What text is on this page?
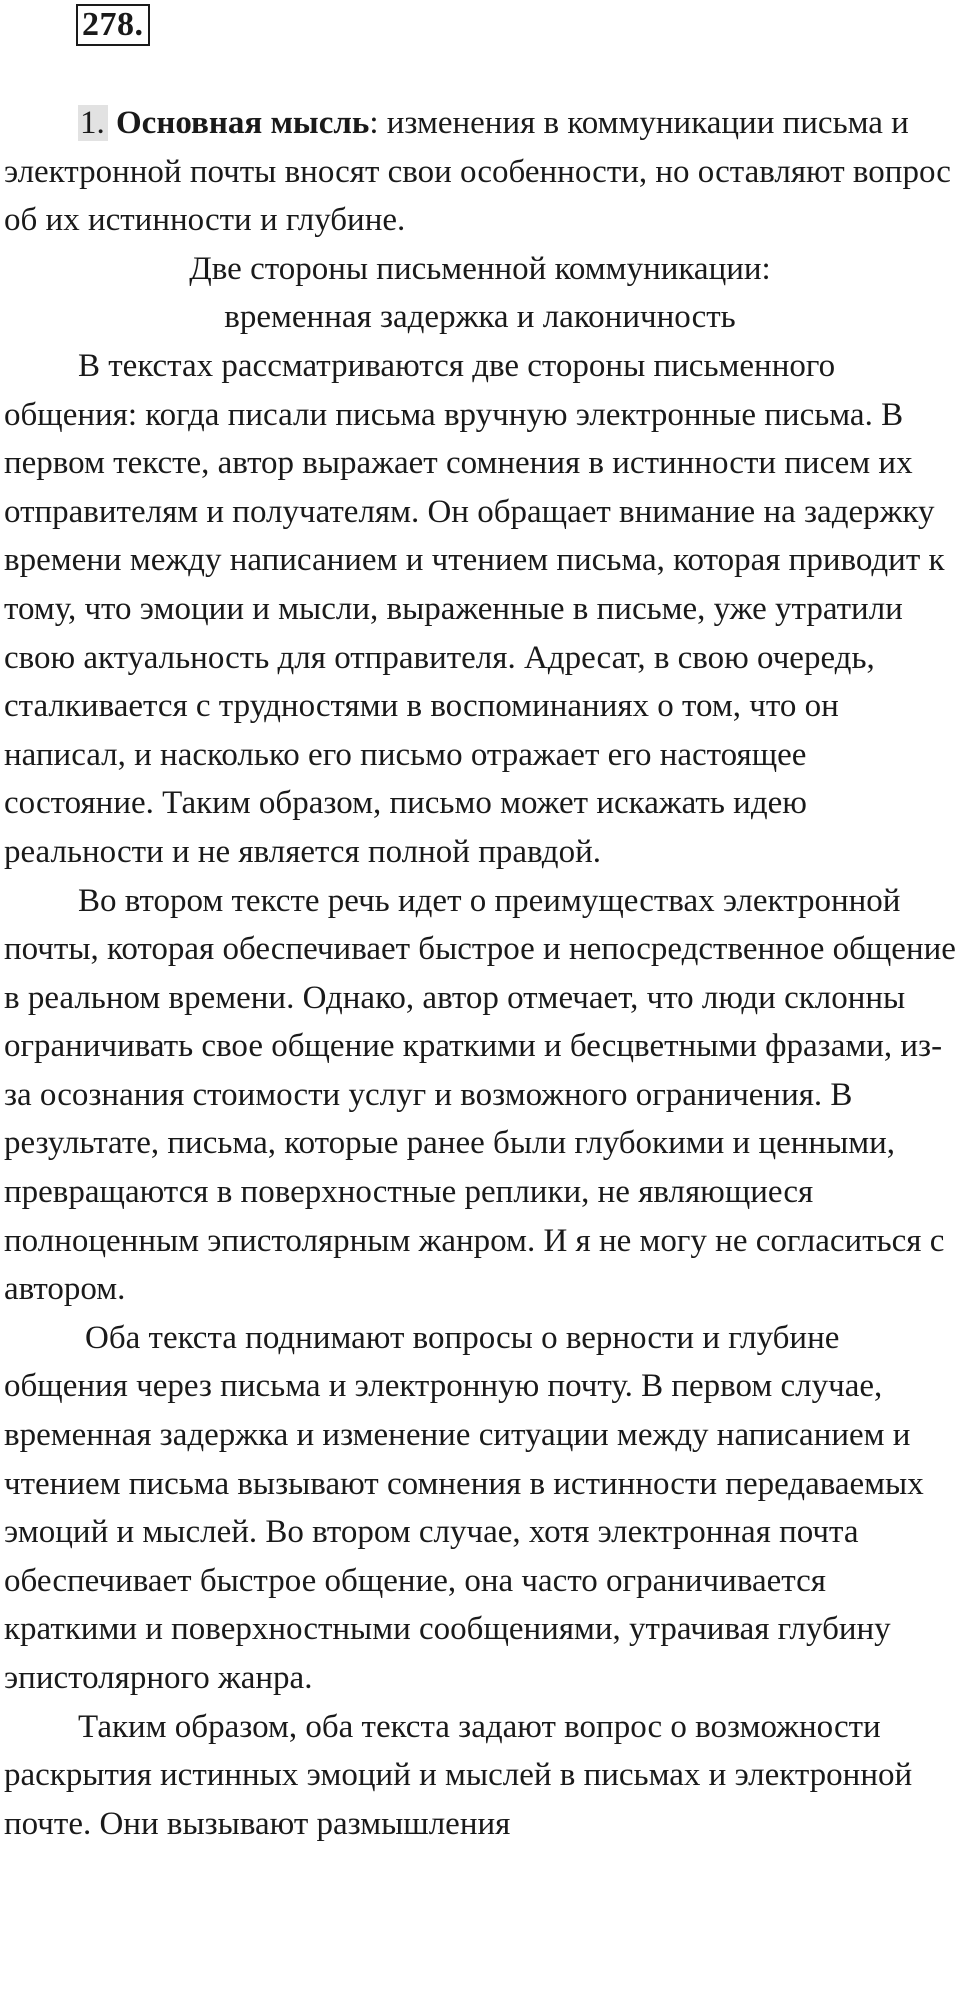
278.

1. Основная мысль: изменения в коммуникации письма и электронной почты вносят свои особенности, но оставляют вопрос об их истинности и глубине.

Две стороны письменной коммуникации:

временная задержка и лаконичность

В текстах рассматриваются две стороны письменного общения: когда писали письма вручную электронные письма. В первом тексте, автор выражает сомнения в истинности писем их отправителям и получателям. Он обращает внимание на задержку времени между написанием и чтением письма, которая приводит к тому, что эмоции и мысли, выраженные в письме, уже утратили свою актуальность для отправителя. Адресат, в свою очередь, сталкивается с трудностями в воспоминаниях о том, что он написал, и насколько его письмо отражает его настоящее состояние. Таким образом, письмо может искажать идею реальности и не является полной правдой.

Во втором тексте речь идет о преимуществах электронной почты, которая обеспечивает быстрое и непосредственное общение в реальном времени. Однако, автор отмечает, что люди склонны ограничивать свое общение краткими и бесцветными фразами, из-за осознания стоимости услуг и возможного ограничения. В результате, письма, которые ранее были глубокими и ценными, превращаются в поверхностные реплики, не являющиеся полноценным эпистолярным жанром. И я не могу не согласиться с автором.

Оба текста поднимают вопросы о верности и глубине общения через письма и электронную почту. В первом случае, временная задержка и изменение ситуации между написанием и чтением письма вызывают сомнения в истинности передаваемых эмоций и мыслей. Во втором случае, хотя электронная почта обеспечивает быстрое общение, она часто ограничивается краткими и поверхностными сообщениями, утрачивая глубину эпистолярного жанра.

Таким образом, оба текста задают вопрос о возможности раскрытия истинных эмоций и мыслей в письмах и электронной почте. Они вызывают размышления
